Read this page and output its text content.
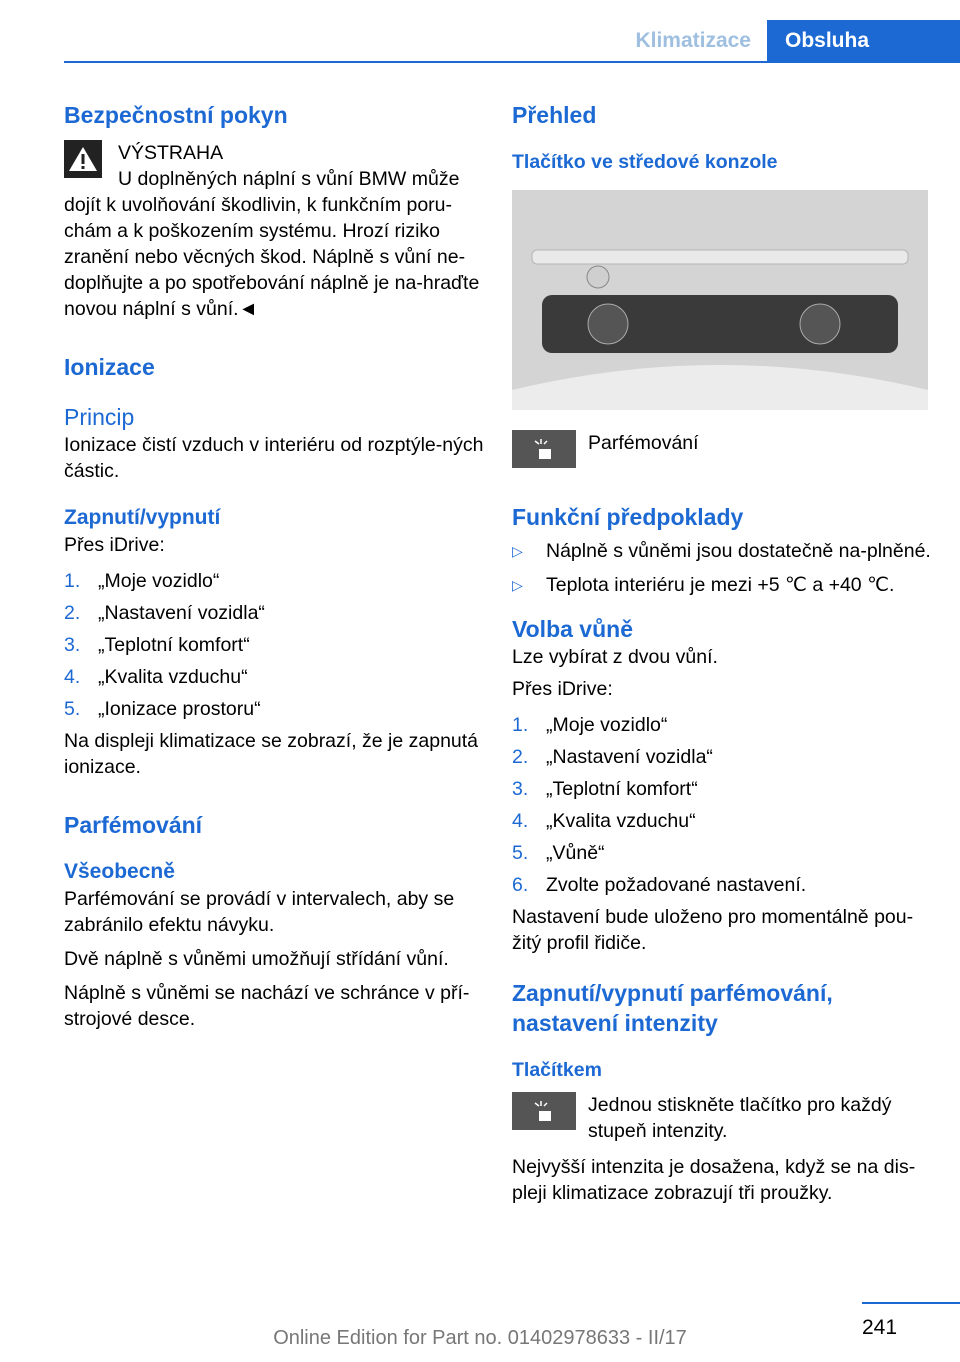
Klimatizace	Obsluha
Bezpečnostní pokyn

VÝSTRAHA

U doplněných náplní s vůní BMW může dojít k uvolňování škodlivin, k funkčním poru-chám a k poškozením systému. Hrozí riziko zranění nebo věcných škod. Náplně s vůní ne-doplňujte a po spotřebování náplně je na-hraďte novou náplní s vůní.◄

Ionizace
Princip

Ionizace čistí vzduch v interiéru od rozptýle-ných částic.

Zapnutí/vypnutí

Přes iDrive:

1. „Moje vozidlo“
2. „Nastavení vozidla“
3. „Teplotní komfort“
4. „Kvalita vzduchu“
5. „Ionizace prostoru“

Na displeji klimatizace se zobrazí, že je zapnutá ionizace.

Parfémování
Všeobecně

Parfémování se provádí v intervalech, aby se zabránilo efektu návyku.

Dvě náplně s vůněmi umožňují střídání vůní.

Náplně s vůněmi se nachází ve schránce v pří-strojové desce.

Přehled
Tlačítko ve středové konzole

Parfémování

Funkční předpoklady
▷	Náplně s vůněmi jsou dostatečně na-plněné.
▷	Teplota interiéru je mezi +5 ℃ a +40 ℃.
Volba vůně

Lze vybírat z dvou vůní.

Přes iDrive:

1. „Moje vozidlo“
2. „Nastavení vozidla“
3. „Teplotní komfort“
4. „Kvalita vzduchu“
5. „Vůně“
6. Zvolte požadované nastavení.

Nastavení bude uloženo pro momentálně pou-žitý profil řidiče.

Zapnutí/vypnutí parfémování, nastavení intenzity
Tlačítkem

Jednou stiskněte tlačítko pro každý stupeň intenzity.

Nejvyšší intenzita je dosažena, když se na dis-pleji klimatizace zobrazují tři proužky.

241
Online Edition for Part no. 01402978633 - II/17
